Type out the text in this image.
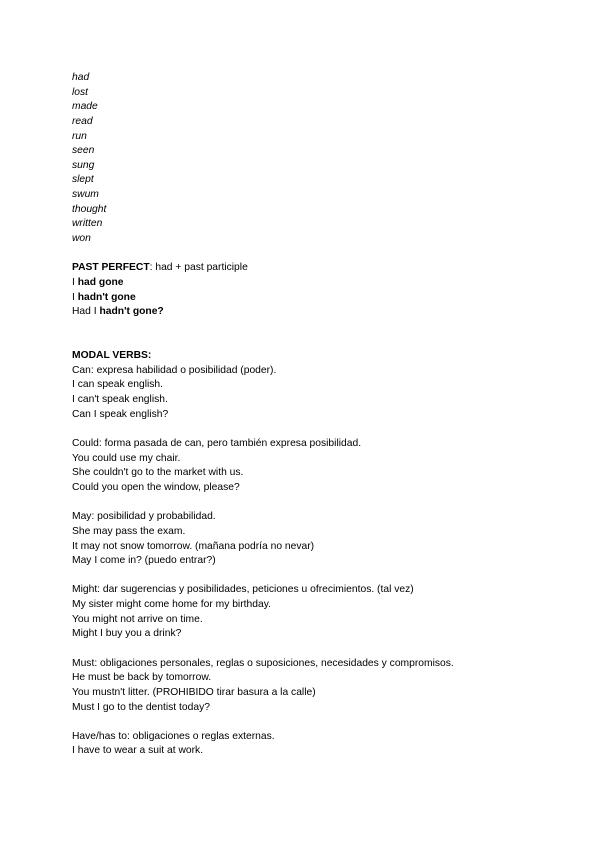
had
lost
made
read
run
seen
sung
slept
swum
thought
written
won
PAST PERFECT: had + past participle
I had gone
I hadn't gone
Had I hadn't gone?
MODAL VERBS:
Can: expresa habilidad o posibilidad (poder).
I can speak english.
I can't speak english.
Can I speak english?
Could: forma pasada de can, pero también expresa posibilidad.
You could use my chair.
She couldn't go to the market with us.
Could you open the window, please?
May: posibilidad y probabilidad.
She may pass the exam.
It may not snow tomorrow. (mañana podría no nevar)
May I come in? (puedo entrar?)
Might: dar sugerencias y posibilidades, peticiones u ofrecimientos. (tal vez)
My sister might come home for my birthday.
You might not arrive on time.
Might I buy you a drink?
Must: obligaciones personales, reglas o suposiciones, necesidades y compromisos.
He must be back by tomorrow.
You mustn't litter. (PROHIBIDO tirar basura a la calle)
Must I go to the dentist today?
Have/has to: obligaciones o reglas externas.
I have to wear a suit at work.
